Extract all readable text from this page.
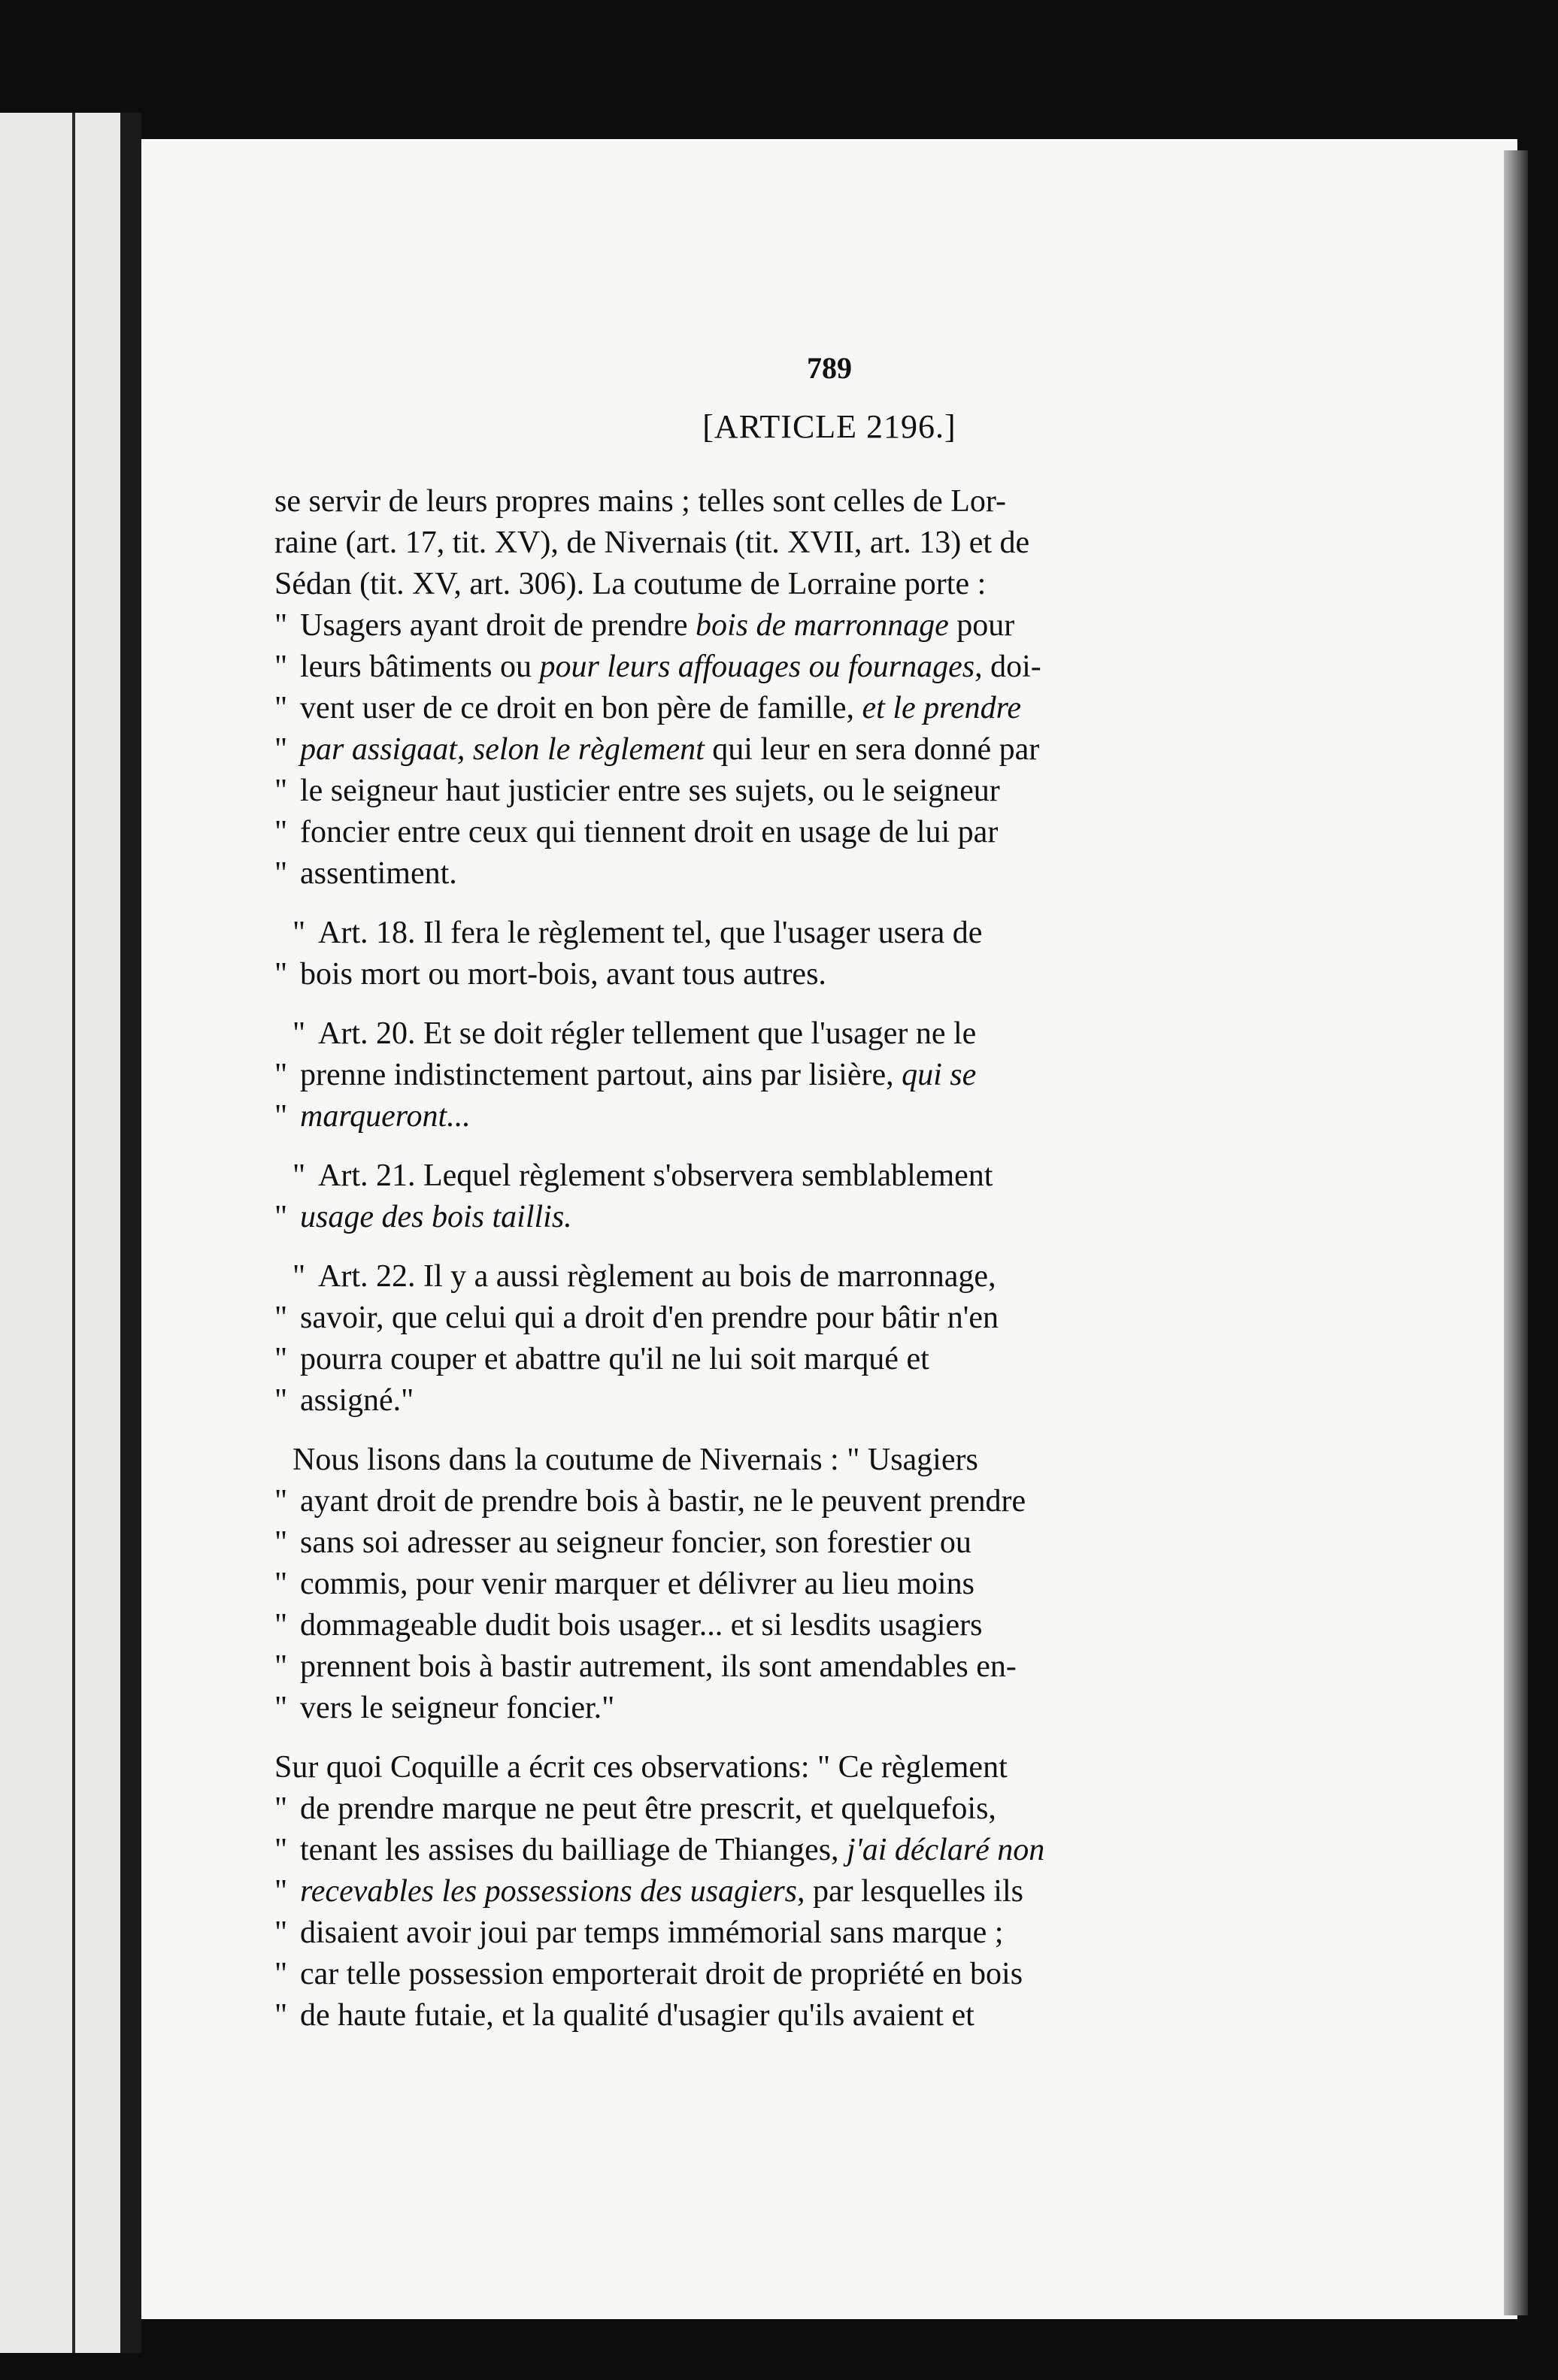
789
[ARTICLE 2196.]
se servir de leurs propres mains ; telles sont celles de Lor-
raine (art. 17, tit. XV), de Nivernais (tit. XVII, art. 13) et de
Sédan (tit. XV, art. 306). La coutume de Lorraine porte :
" Usagers ayant droit de prendre bois de marronnage pour
" leurs bâtiments ou pour leurs affouages ou fournages, doi-
" vent user de ce droit en bon père de famille, et le prendre
" par assigaat, selon le règlement qui leur en sera donné par
" le seigneur haut justicier entre ses sujets, ou le seigneur
" foncier entre ceux qui tiennent droit en usage de lui par
" assentiment.
" Art. 18. Il fera le règlement tel, que l'usager usera de
" bois mort ou mort-bois, avant tous autres.
" Art. 20. Et se doit régler tellement que l'usager ne le
" prenne indistinctement partout, ains par lisière, qui se
" marqueront...
" Art. 21. Lequel règlement s'observera semblablement
" usage des bois taillis.
" Art. 22. Il y a aussi règlement au bois de marronnage,
" savoir, que celui qui a droit d'en prendre pour bâtir n'en
" pourra couper et abattre qu'il ne lui soit marqué et
" assigné."
Nous lisons dans la coutume de Nivernais : " Usagiers
" ayant droit de prendre bois à bastir, ne le peuvent prendre
" sans soi adresser au seigneur foncier, son forestier ou
" commis, pour venir marquer et délivrer au lieu moins
" dommageable dudit bois usager... et si lesdits usagiers
" prennent bois à bastir autrement, ils sont amendables en-
" vers le seigneur foncier."
Sur quoi Coquille a écrit ces observations: " Ce règlement
" de prendre marque ne peut être prescrit, et quelquefois,
" tenant les assises du bailliage de Thianges, j'ai déclaré non
" recevables les possessions des usagiers, par lesquelles ils
" disaient avoir joui par temps immémorial sans marque ;
" car telle possession emporterait droit de propriété en bois
" de haute futaie, et la qualité d'usagier qu'ils avaient et
